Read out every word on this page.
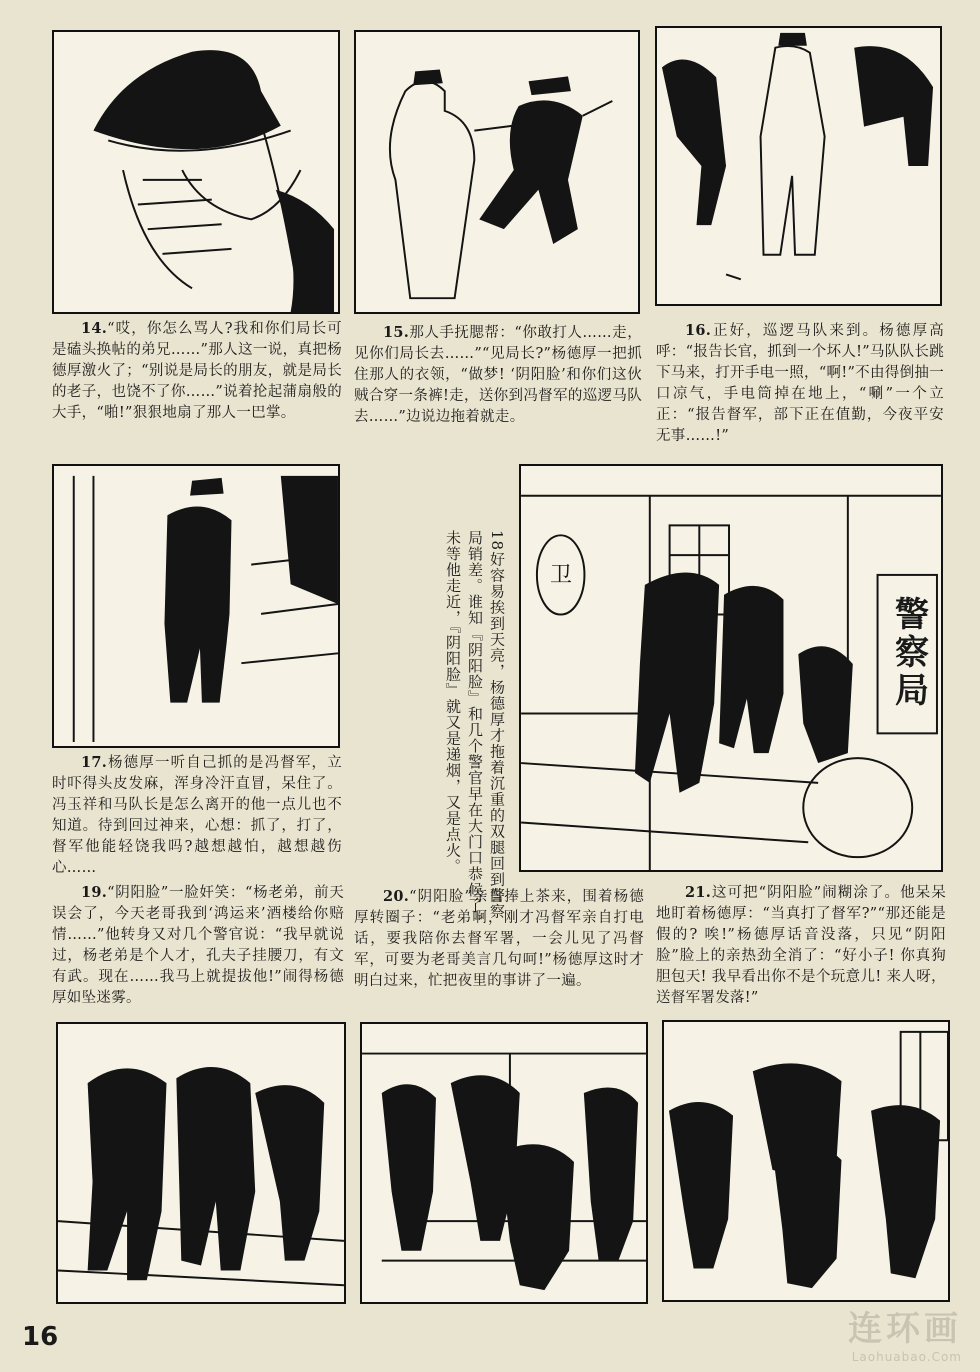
14.“哎，你怎么骂人?我和你们局长可是磕头换帖的弟兄……”那人这一说，真把杨德厚激火了；“别说是局长的朋友，就是局长的老子，也饶不了你……”说着抡起蒲扇般的大手，“啪!”狠狠地扇了那人一巴掌。

15.那人手抚腮帮：“你敢打人……走，见你们局长去……”“见局长?”杨德厚一把抓住那人的衣领，“做梦! ‘阴阳脸’和你们这伙贼合穿一条裤!走，送你到冯督军的巡逻马队去……”边说边拖着就走。

16.正好，巡逻马队来到。杨德厚高呼：“报告长官，抓到一个坏人!”马队队长跳下马来，打开手电一照，“啊!”不由得倒抽一口凉气，手电筒掉在地上，“唰”一个立正：“报告督军，部下正在值勤，今夜平安无事……!”

17.杨德厚一听自己抓的是冯督军，立时吓得头皮发麻，浑身冷汗直冒，呆住了。冯玉祥和马队长是怎么离开的他一点儿也不知道。待到回过神来，心想：抓了，打了，督军他能轻饶我吗?越想越怕，越想越伤心……

18好容易挨到天亮，杨德厚才拖着沉重的双腿回到警察局销差。谁知『阴阳脸』和几个警官早在大门口恭候了。未等他走近，『阴阳脸』就又是递烟，又是点火。	警察局
卫

19.“阴阳脸”一脸奸笑：“杨老弟，前天误会了，今天老哥我到‘鸿运来’酒楼给你赔情……”他转身又对几个警官说：“我早就说过，杨老弟是个人才，孔夫子挂腰刀，有文有武。现在……我马上就提拔他!”闹得杨德厚如坠迷雾。

20.“阴阳脸”亲自捧上茶来，围着杨德厚转圈子：“老弟啊，刚才冯督军亲自打电话，要我陪你去督军署，一会儿见了冯督军，可要为老哥美言几句呵!”杨德厚这时才明白过来，忙把夜里的事讲了一遍。

21.这可把“阴阳脸”闹糊涂了。他呆呆地盯着杨德厚：“当真打了督军?”“那还能是假的? 唉!”杨德厚话音没落，只见“阴阳脸”脸上的亲热劲全消了：“好小子! 你真狗胆包天! 我早看出你不是个玩意儿! 来人呀，送督军署发落!”

16	连环画
Laohuabao.Com
